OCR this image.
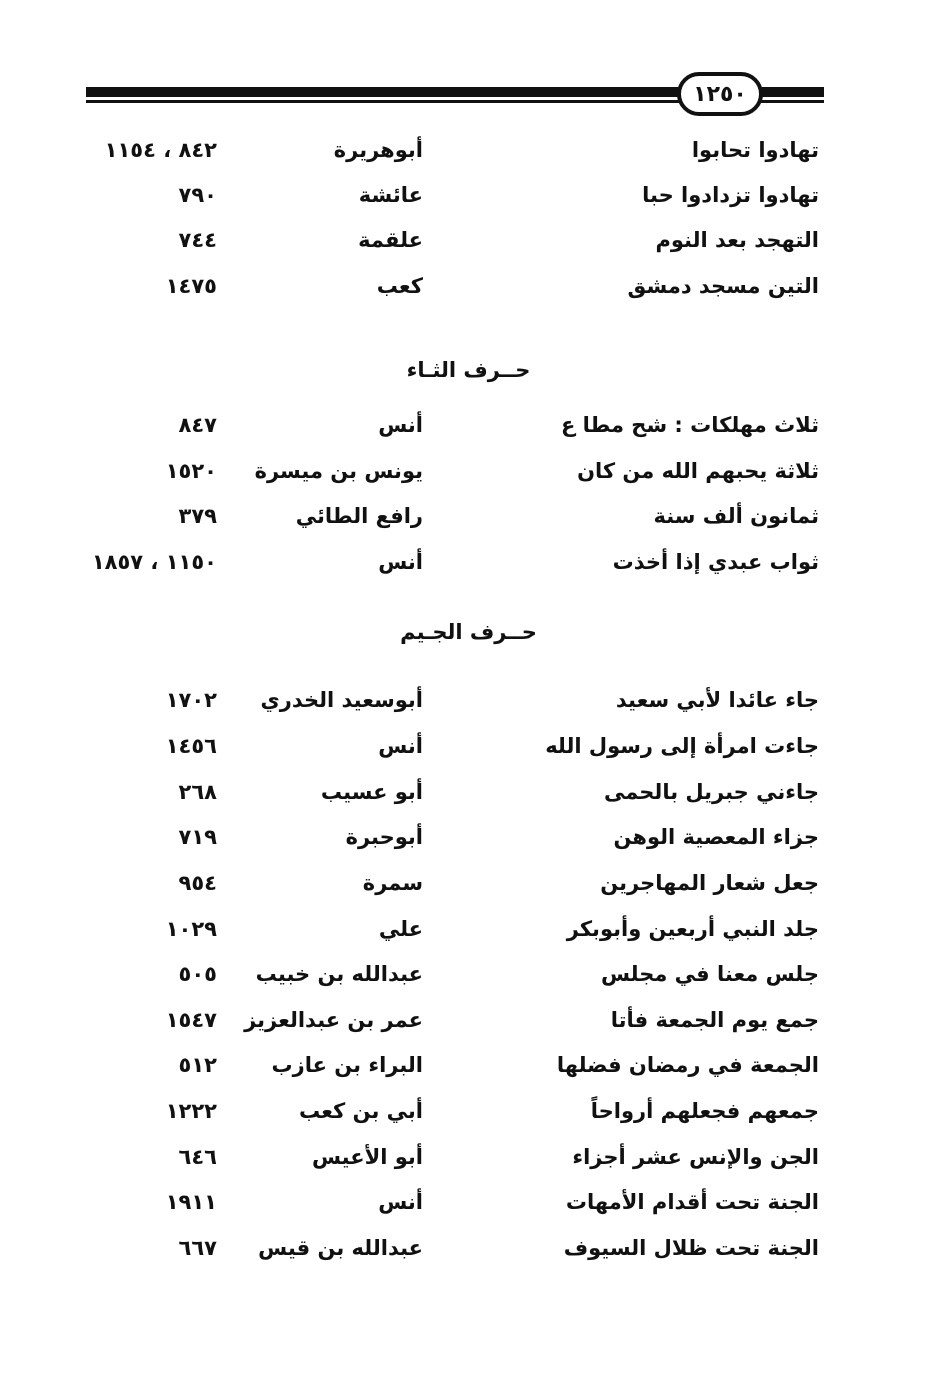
١٢٥٠
تهادوا تحابوا
أبوهريرة
٨٤٢ ، ١١٥٤
تهادوا تزدادوا حبا
عائشة
٧٩٠
التهجد بعد النوم
علقمة
٧٤٤
التين مسجد دمشق
كعب
١٤٧٥
حــرف الثـاء
ثلاث مهلكات : شح مطا ع
أنس
٨٤٧
ثلاثة يحبهم الله من كان
يونس بن ميسرة
١٥٢٠
ثمانون ألف سنة
رافع الطائي
٣٧٩
ثواب عبدي إذا أخذت
أنس
١١٥٠ ، ١٨٥٧
حــرف الجـيم
جاء عائدا لأبي سعيد
أبوسعيد الخدري
١٧٠٢
جاءت امرأة إلى رسول الله
أنس
١٤٥٦
جاءني جبريل بالحمى
أبو عسيب
٢٦٨
جزاء المعصية الوهن
أبوحبرة
٧١٩
جعل شعار المهاجرين
سمرة
٩٥٤
جلد النبي أربعين وأبوبكر
علي
١٠٢٩
جلس معنا في مجلس
عبدالله بن خبيب
٥٠٥
جمع يوم الجمعة فأتا
عمر بن عبدالعزيز
١٥٤٧
الجمعة في رمضان فضلها
البراء بن عازب
٥١٢
جمعهم فجعلهم أرواحاً
أبي بن كعب
١٢٢٢
الجن والإنس عشر أجزاء
أبو الأعيس
٦٤٦
الجنة تحت أقدام الأمهات
أنس
١٩١١
الجنة تحت ظلال السيوف
عبدالله بن قيس
٦٦٧
